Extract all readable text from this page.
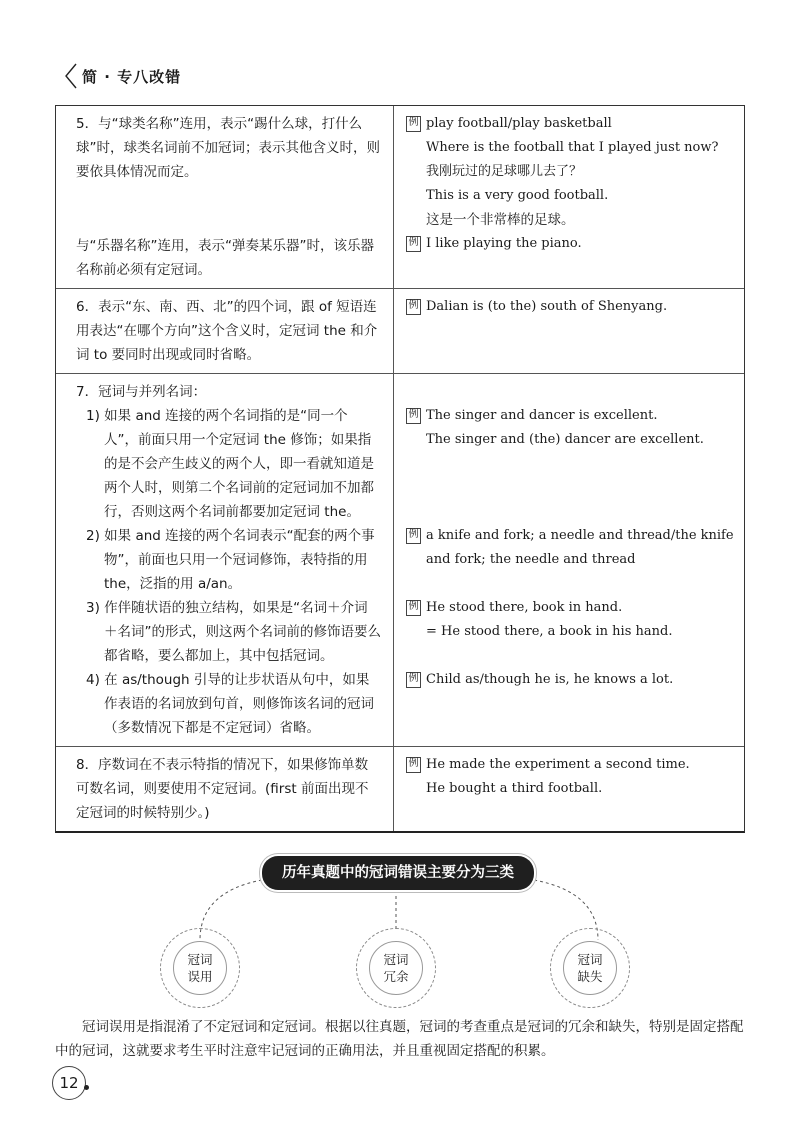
简 · 专八改错
5．与“球类名称”连用，表示“踢什么球，打什么球”时，球类名词前不加冠词；表示其他含义时，则要依具体情况而定。
与“乐器名称”连用，表示“弹奏某乐器”时，该乐器名称前必须有定冠词。
例 play football/play basketball
Where is the football that I played just now? 我刚玩过的足球哪儿去了？
This is a very good football.
这是一个非常棒的足球。
例 I like playing the piano.
6．表示“东、南、西、北”的四个词，跟 of 短语连用表达“在哪个方向”这个含义时，定冠词 the 和介词 to 要同时出现或同时省略。
例 Dalian is (to the) south of Shenyang.
7．冠词与并列名词：
1) 如果 and 连接的两个名词指的是“同一个人”，前面只用一个定冠词 the 修饰；如果指的是不会产生歧义的两个人，即一看就知道是两个人时，则第二个名词前的定冠词加不加都行，否则这两个名词前都要加定冠词 the。
2) 如果 and 连接的两个名词表示“配套的两个事物”，前面也只用一个冠词修饰，表特指的用 the，泛指的用 a/an。
3) 作伴随状语的独立结构，如果是“名词＋介词＋名词”的形式，则这两个名词前的修饰语要么都省略，要么都加上，其中包括冠词。
4) 在 as/though 引导的让步状语从句中，如果作表语的名词放到句首，则修饰该名词的冠词（多数情况下都是不定冠词）省略。
例 The singer and dancer is excellent.
The singer and (the) dancer are excellent.
例 a knife and fork; a needle and thread/the knife
and fork; the needle and thread
例 He stood there, book in hand.
= He stood there, a book in his hand.
例 Child as/though he is, he knows a lot.
8．序数词在不表示特指的情况下，如果修饰单数可数名词，则要使用不定冠词。(first 前面出现不定冠词的时候特别少。)
例 He made the experiment a second time.
He bought a third football.
历年真题中的冠词错误主要分为三类
冠词
误用
冠词
冗余
冠词
缺失
冠词误用是指混淆了不定冠词和定冠词。根据以往真题，冠词的考查重点是冠词的冗余和缺失，特别是固定搭配中的冠词，这就要求考生平时注意牢记冠词的正确用法，并且重视固定搭配的积累。
12
